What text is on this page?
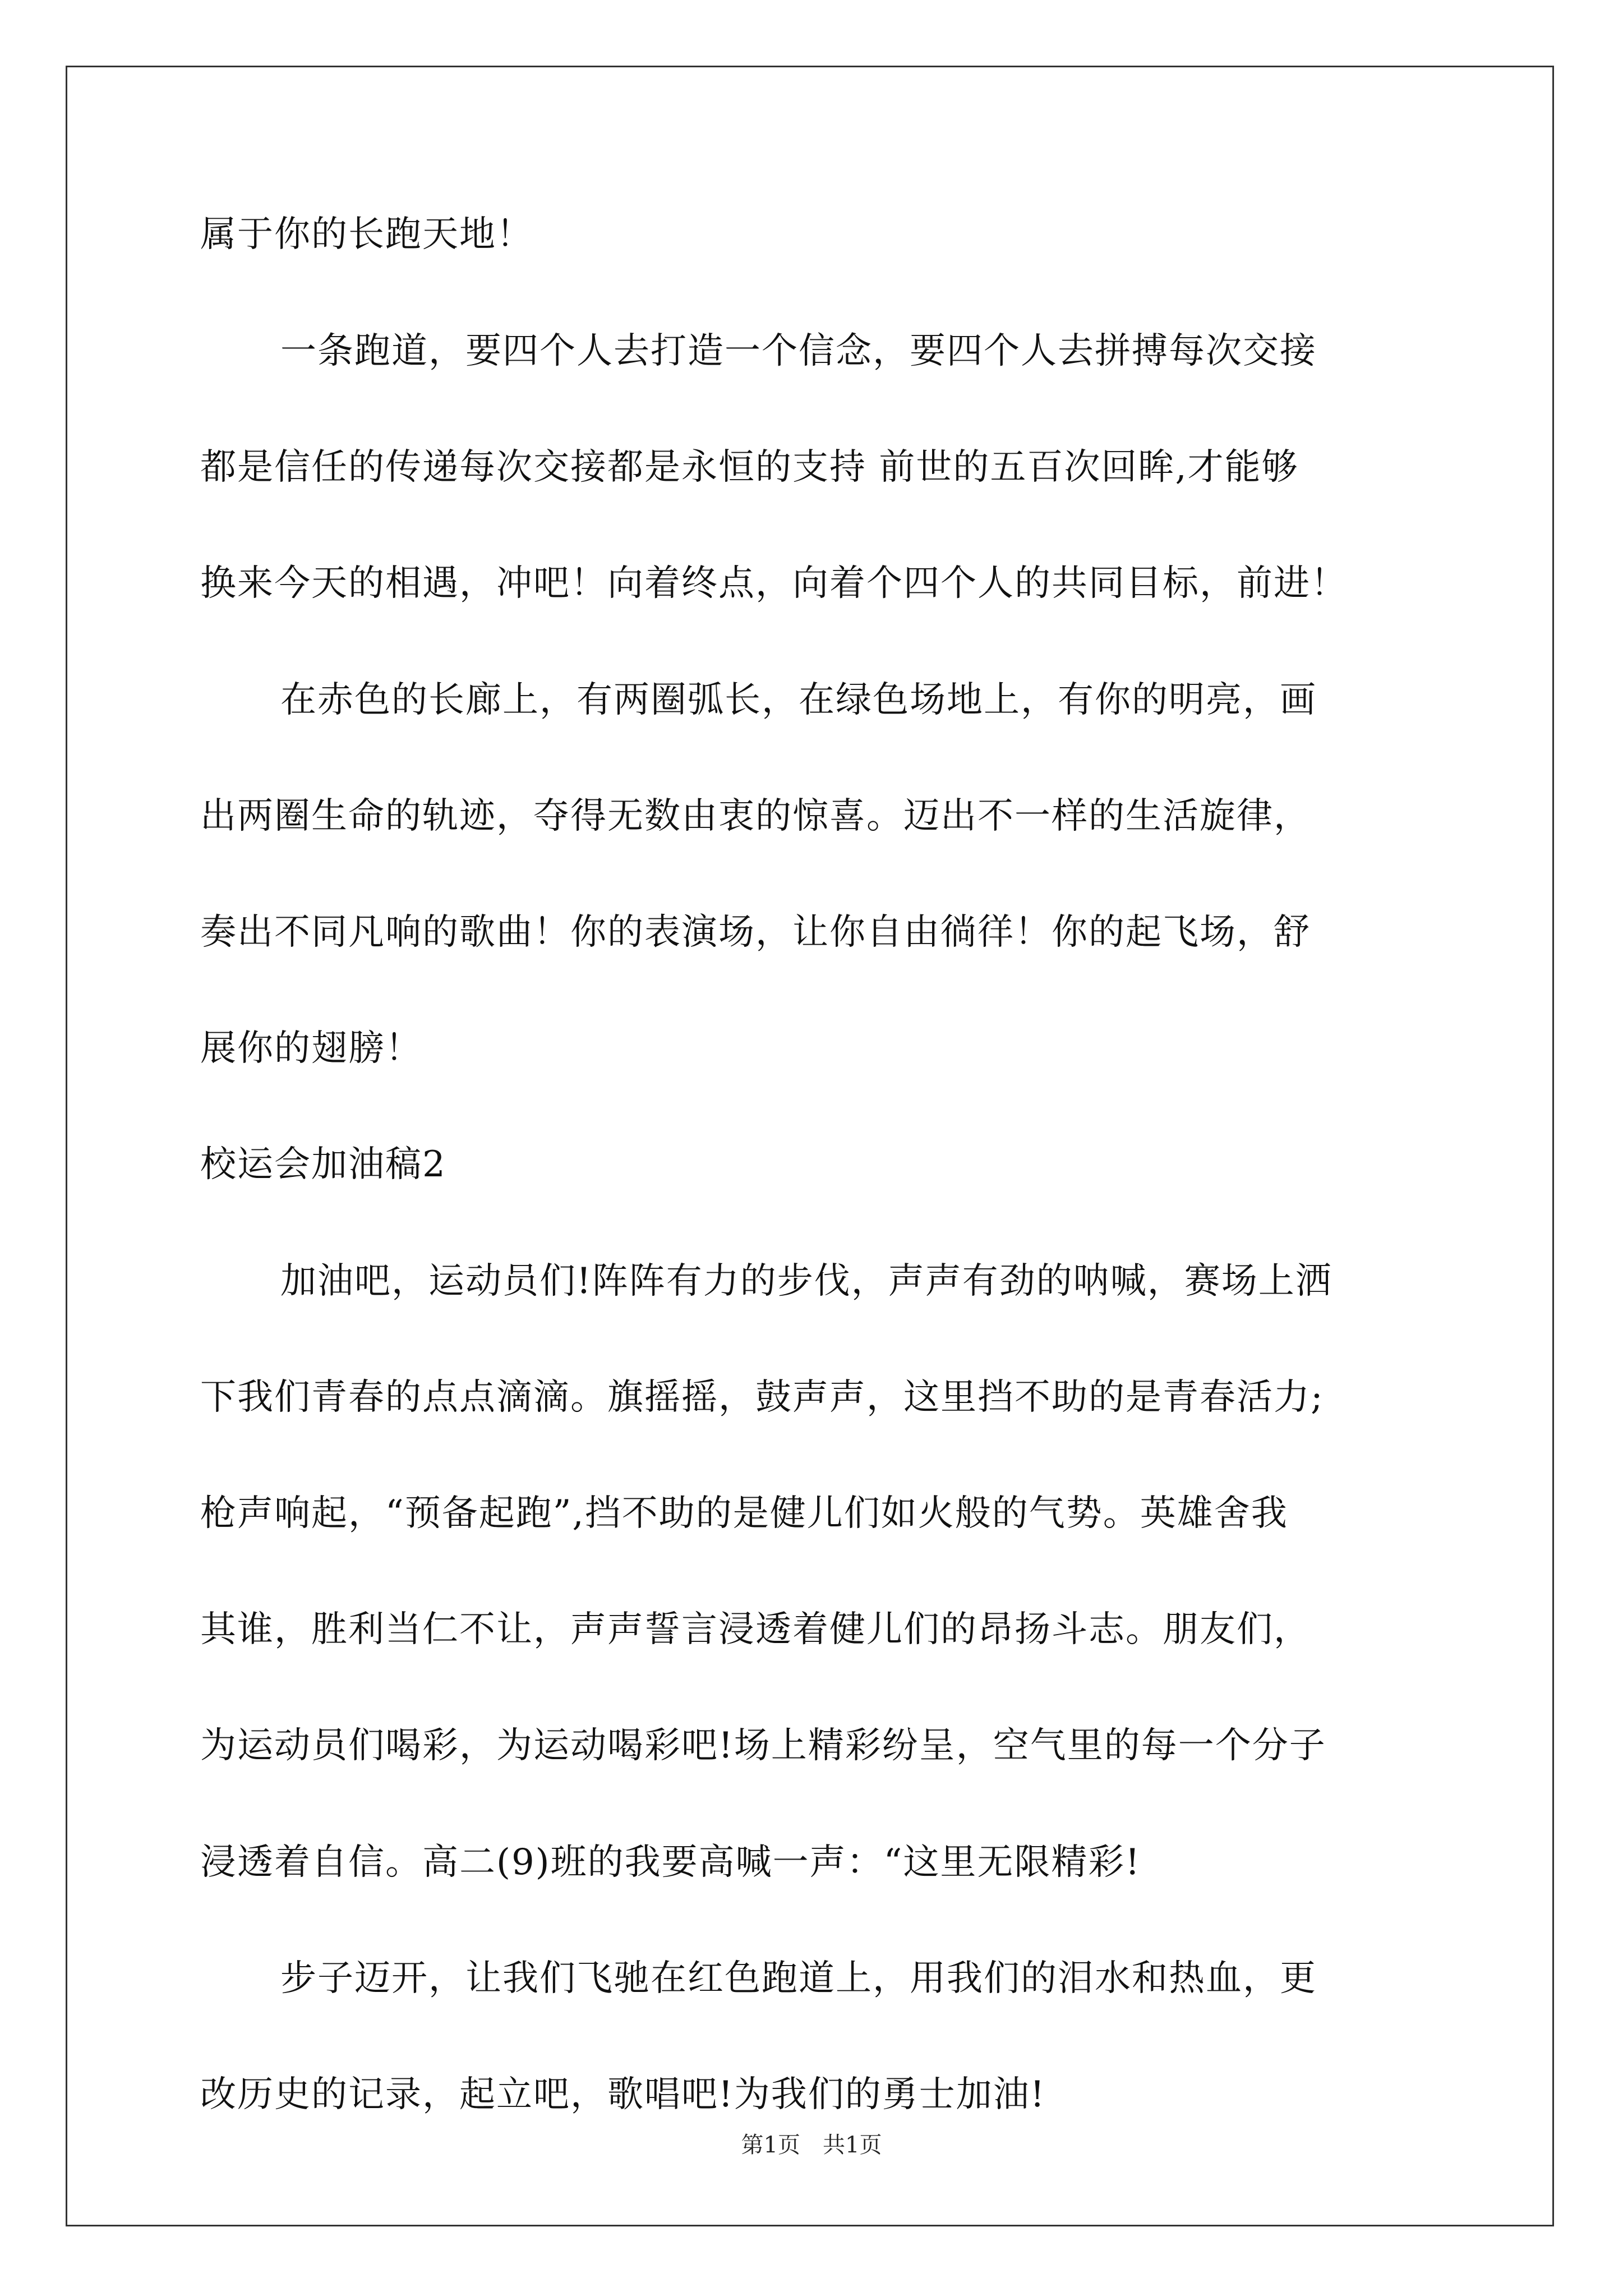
属于你的长跑天地！
一条跑道，要四个人去打造一个信念，要四个人去拼搏每次交接
都是信任的传递每次交接都是永恒的支持 前世的五百次回眸,才能够
换来今天的相遇，冲吧！向着终点，向着个四个人的共同目标，前进！
在赤色的长廊上，有两圈弧长，在绿色场地上，有你的明亮，画
出两圈生命的轨迹，夺得无数由衷的惊喜。迈出不一样的生活旋律，
奏出不同凡响的歌曲！你的表演场，让你自由徜徉！你的起飞场，舒
展你的翅膀！
校运会加油稿2
加油吧，运动员们!阵阵有力的步伐，声声有劲的呐喊，赛场上洒
下我们青春的点点滴滴。旗摇摇，鼓声声，这里挡不助的是青春活力;
枪声响起，“预备起跑”,挡不助的是健儿们如火般的气势。英雄舍我
其谁，胜利当仁不让，声声誓言浸透着健儿们的昂扬斗志。朋友们，
为运动员们喝彩，为运动喝彩吧!场上精彩纷呈，空气里的每一个分子
浸透着自信。高二(9)班的我要高喊一声：“这里无限精彩!
步子迈开，让我们飞驰在红色跑道上，用我们的泪水和热血，更
改历史的记录，起立吧，歌唱吧!为我们的勇士加油!
第1页　共1页
